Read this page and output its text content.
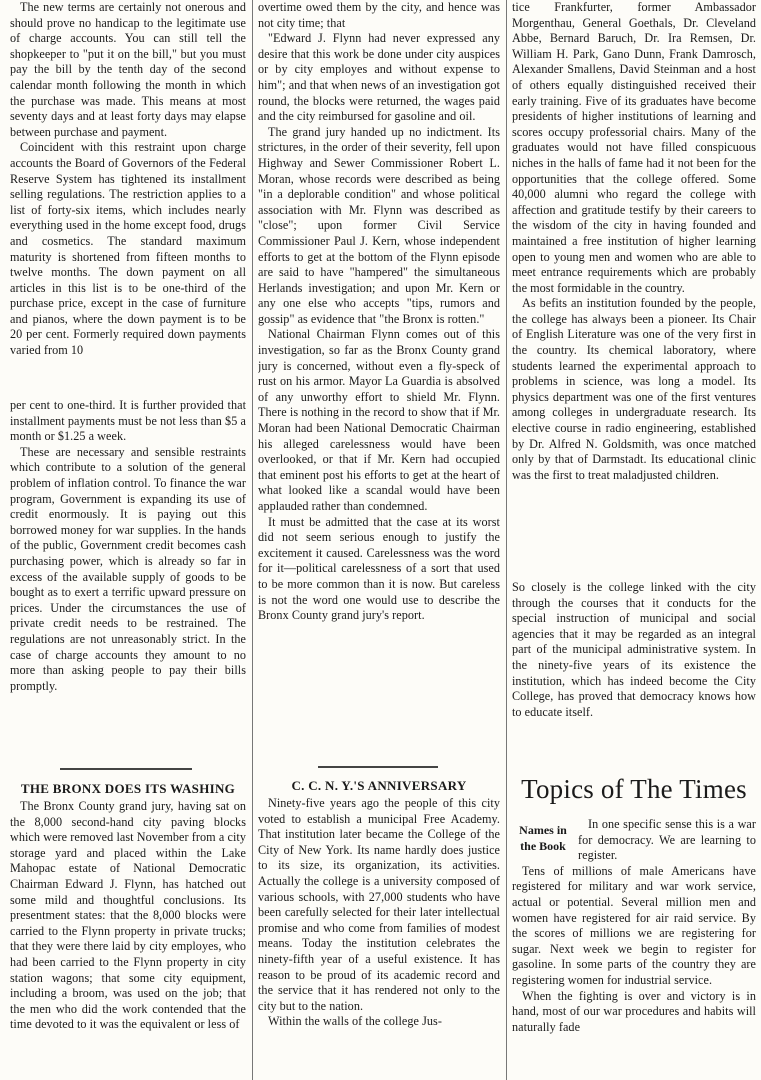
The new terms are certainly not onerous and should prove no handicap to the legitimate use of charge accounts. You can still tell the shopkeeper to "put it on the bill," but you must pay the bill by the tenth day of the second calendar month following the month in which the purchase was made. This means at most seventy days and at least forty days may elapse between purchase and payment.

Coincident with this restraint upon charge accounts the Board of Governors of the Federal Reserve System has tightened its installment selling regulations. The restriction applies to a list of forty-six items, which includes nearly everything used in the home except food, drugs and cosmetics. The standard maximum maturity is shortened from fifteen months to twelve months. The down payment on all articles in this list is to be one-third of the purchase price, except in the case of furniture and pianos, where the down payment is to be 20 per cent. Formerly required down payments varied from 10

per cent to one-third. It is further provided that installment payments must be not less than $5 a month or $1.25 a week.

These are necessary and sensible restraints which contribute to a solution of the general problem of inflation control. To finance the war program, Government is expanding its use of credit enormously. It is paying out this borrowed money for war supplies. In the hands of the public, Government credit becomes cash purchasing power, which is already so far in excess of the available supply of goods to be bought as to exert a terrific upward pressure on prices. Under the circumstances the use of private credit needs to be restrained. The regulations are not unreasonably strict. In the case of charge accounts they amount to no more than asking people to pay their bills promptly.

THE BRONX DOES ITS WASHING

The Bronx County grand jury, having sat on the 8,000 second-hand city paving blocks which were removed last November from a city storage yard and placed within the Lake Mahopac estate of National Democratic Chairman Edward J. Flynn, has hatched out some mild and thoughtful conclusions. Its presentment states: that the 8,000 blocks were carried to the Flynn property in private trucks; that they were there laid by city employes, who had been carried to the Flynn property in city station wagons; that some city equipment, including a broom, was used on the job; that the men who did the work contended that the time devoted to it was the equivalent or less of

overtime owed them by the city, and hence was not city time; that

"Edward J. Flynn had never expressed any desire that this work be done under city auspices or by city employes and without expense to him"; and that when news of an investigation got round, the blocks were returned, the wages paid and the city reimbursed for gasoline and oil.

The grand jury handed up no indictment. Its strictures, in the order of their severity, fell upon Highway and Sewer Commissioner Robert L. Moran, whose records were described as being "in a deplorable condition" and whose political association with Mr. Flynn was described as "close"; upon former Civil Service Commissioner Paul J. Kern, whose independent efforts to get at the bottom of the Flynn episode are said to have "hampered" the simultaneous Herlands investigation; and upon Mr. Kern or any one else who accepts "tips, rumors and gossip" as evidence that "the Bronx is rotten."

National Chairman Flynn comes out of this investigation, so far as the Bronx County grand jury is concerned, without even a fly-speck of rust on his armor. Mayor La Guardia is absolved of any unworthy effort to shield Mr. Flynn. There is nothing in the record to show that if Mr. Moran had been National Democratic Chairman his alleged carelessness would have been overlooked, or that if Mr. Kern had occupied that eminent post his efforts to get at the heart of what looked like a scandal would have been applauded rather than condemned.

It must be admitted that the case at its worst did not seem serious enough to justify the excitement it caused. Carelessness was the word for it—political carelessness of a sort that used to be more common than it is now. But careless is not the word one would use to describe the Bronx County grand jury's report.

C. C. N. Y.'S ANNIVERSARY

Ninety-five years ago the people of this city voted to establish a municipal Free Academy. That institution later became the College of the City of New York. Its name hardly does justice to its size, its organization, its activities. Actually the college is a university composed of various schools, with 27,000 students who have been carefully selected for their later intellectual promise and who come from families of modest means. Today the institution celebrates the ninety-fifth year of a useful existence. It has reason to be proud of its academic record and the service that it has rendered not only to the city but to the nation.

Within the walls of the college Jus-

tice Frankfurter, former Ambassador Morgenthau, General Goethals, Dr. Cleveland Abbe, Bernard Baruch, Dr. Ira Remsen, Dr. William H. Park, Gano Dunn, Frank Damrosch, Alexander Smallens, David Steinman and a host of others equally distinguished received their early training. Five of its graduates have become presidents of higher institutions of learning and scores occupy professorial chairs. Many of the graduates would not have filled conspicuous niches in the halls of fame had it not been for the opportunities that the college offered. Some 40,000 alumni who regard the college with affection and gratitude testify by their careers to the wisdom of the city in having founded and maintained a free institution of higher learning open to young men and women who are able to meet entrance requirements which are probably the most formidable in the country.

As befits an institution founded by the people, the college has always been a pioneer. Its Chair of English Literature was one of the very first in the country. Its chemical laboratory, where students learned the experimental approach to problems in science, was long a model. Its physics department was one of the first ventures among colleges in undergraduate research. Its elective course in radio engineering, established by Dr. Alfred N. Goldsmith, was once matched only by that of Darmstadt. Its educational clinic was the first to treat maladjusted children.

So closely is the college linked with the city through the courses that it conducts for the special instruction of municipal and social agencies that it may be regarded as an integral part of the municipal administrative system. In the ninety-five years of its existence the institution, which has indeed become the City College, has proved that democracy knows how to educate itself.

Topics of The Times
Names in the Book

In one specific sense this is a war for democracy. We are learning to register.

Tens of millions of male Americans have registered for military and war work service, actual or potential. Several million men and women have registered for air raid service. By the scores of millions we are registering for sugar. Next week we begin to register for gasoline. In some parts of the country they are registering women for industrial service.

When the fighting is over and victory is in hand, most of our war procedures and habits will naturally fade
